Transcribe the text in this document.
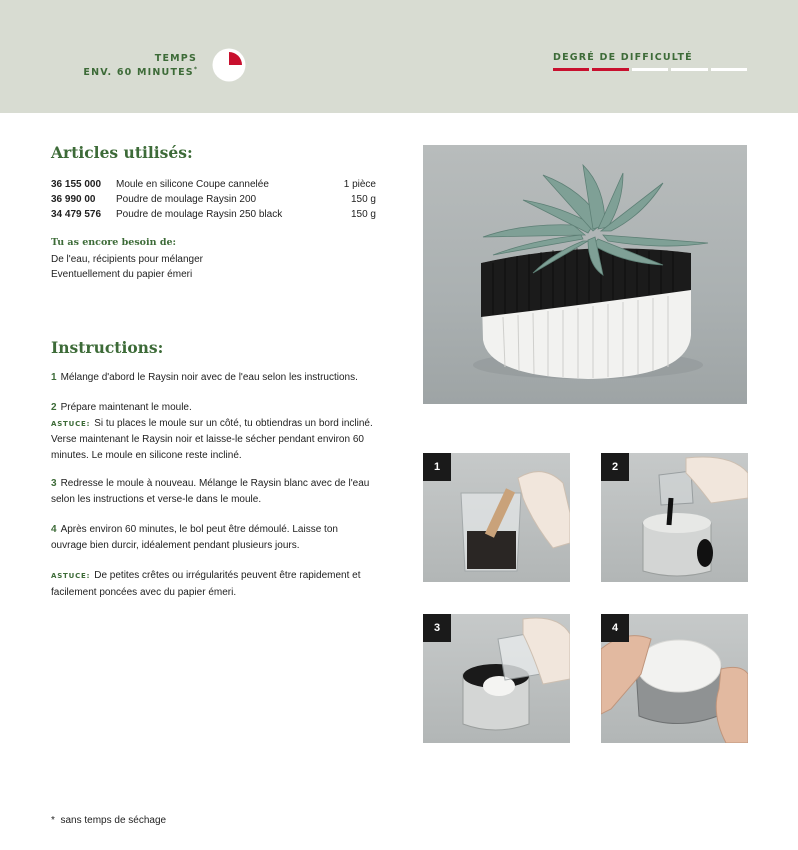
TEMPS
ENV. 60 MINUTES*
DEGRÉ DE DIFFICULTÉ
Articles utilisés:
36 155 000	Moule en silicone Coupe cannelée	1 pièce
36 990 00	Poudre de moulage Raysin 200	150 g
34 479 576	Poudre de moulage Raysin 250 black	150 g
Tu as encore besoin de:
De l'eau, récipients pour mélanger
Eventuellement du papier émeri
Instructions:
1 Mélange d'abord le Raysin noir avec de l'eau selon les instructions.
2 Prépare maintenant le moule.
ASTUCE: Si tu places le moule sur un côté, tu obtiendras un bord incliné.
Verse maintenant le Raysin noir et laisse-le sécher pendant environ 60 minutes. Le moule en silicone reste incliné.
3 Redresse le moule à nouveau. Mélange le Raysin blanc avec de l'eau selon les instructions et verse-le dans le moule.
4 Après environ 60 minutes, le bol peut être démoulé. Laisse ton ouvrage bien durcir, idéalement pendant plusieurs jours.
ASTUCE: De petites crêtes ou irrégularités peuvent être rapidement et facilement poncées avec du papier émeri.
* sans temps de séchage
1	2
3	4
